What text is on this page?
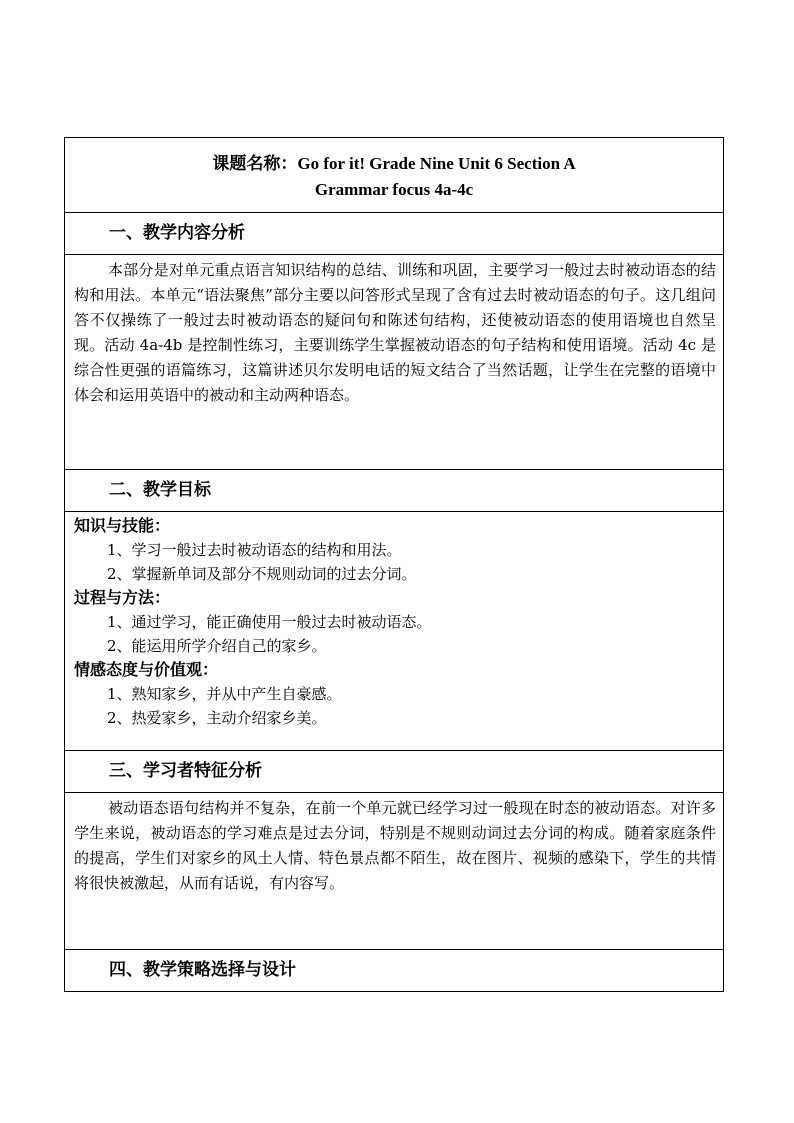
课题名称：Go for it! Grade Nine Unit 6 Section A
Grammar focus 4a-4c

一、教学内容分析

本部分是对单元重点语言知识结构的总结、训练和巩固，主要学习一般过去时被动语态的结构和用法。本单元“语法聚焦”部分主要以问答形式呈现了含有过去时被动语态的句子。这几组问答不仅操练了一般过去时被动语态的疑问句和陈述句结构，还使被动语态的使用语境也自然呈现。活动 4a-4b 是控制性练习，主要训练学生掌握被动语态的句子结构和使用语境。活动 4c 是综合性更强的语篇练习，这篇讲述贝尔发明电话的短文结合了当然话题，让学生在完整的语境中体会和运用英语中的被动和主动两种语态。

二、教学目标

知识与技能：
1、学习一般过去时被动语态的结构和用法。
2、掌握新单词及部分不规则动词的过去分词。
过程与方法：
1、通过学习，能正确使用一般过去时被动语态。
2、能运用所学介绍自己的家乡。
情感态度与价值观：
1、熟知家乡，并从中产生自豪感。
2、热爱家乡，主动介绍家乡美。

三、学习者特征分析

被动语态语句结构并不复杂，在前一个单元就已经学习过一般现在时态的被动语态。对许多学生来说，被动语态的学习难点是过去分词，特别是不规则动词过去分词的构成。随着家庭条件的提高，学生们对家乡的风土人情、特色景点都不陌生，故在图片、视频的感染下，学生的共情将很快被激起，从而有话说，有内容写。

四、教学策略选择与设计
